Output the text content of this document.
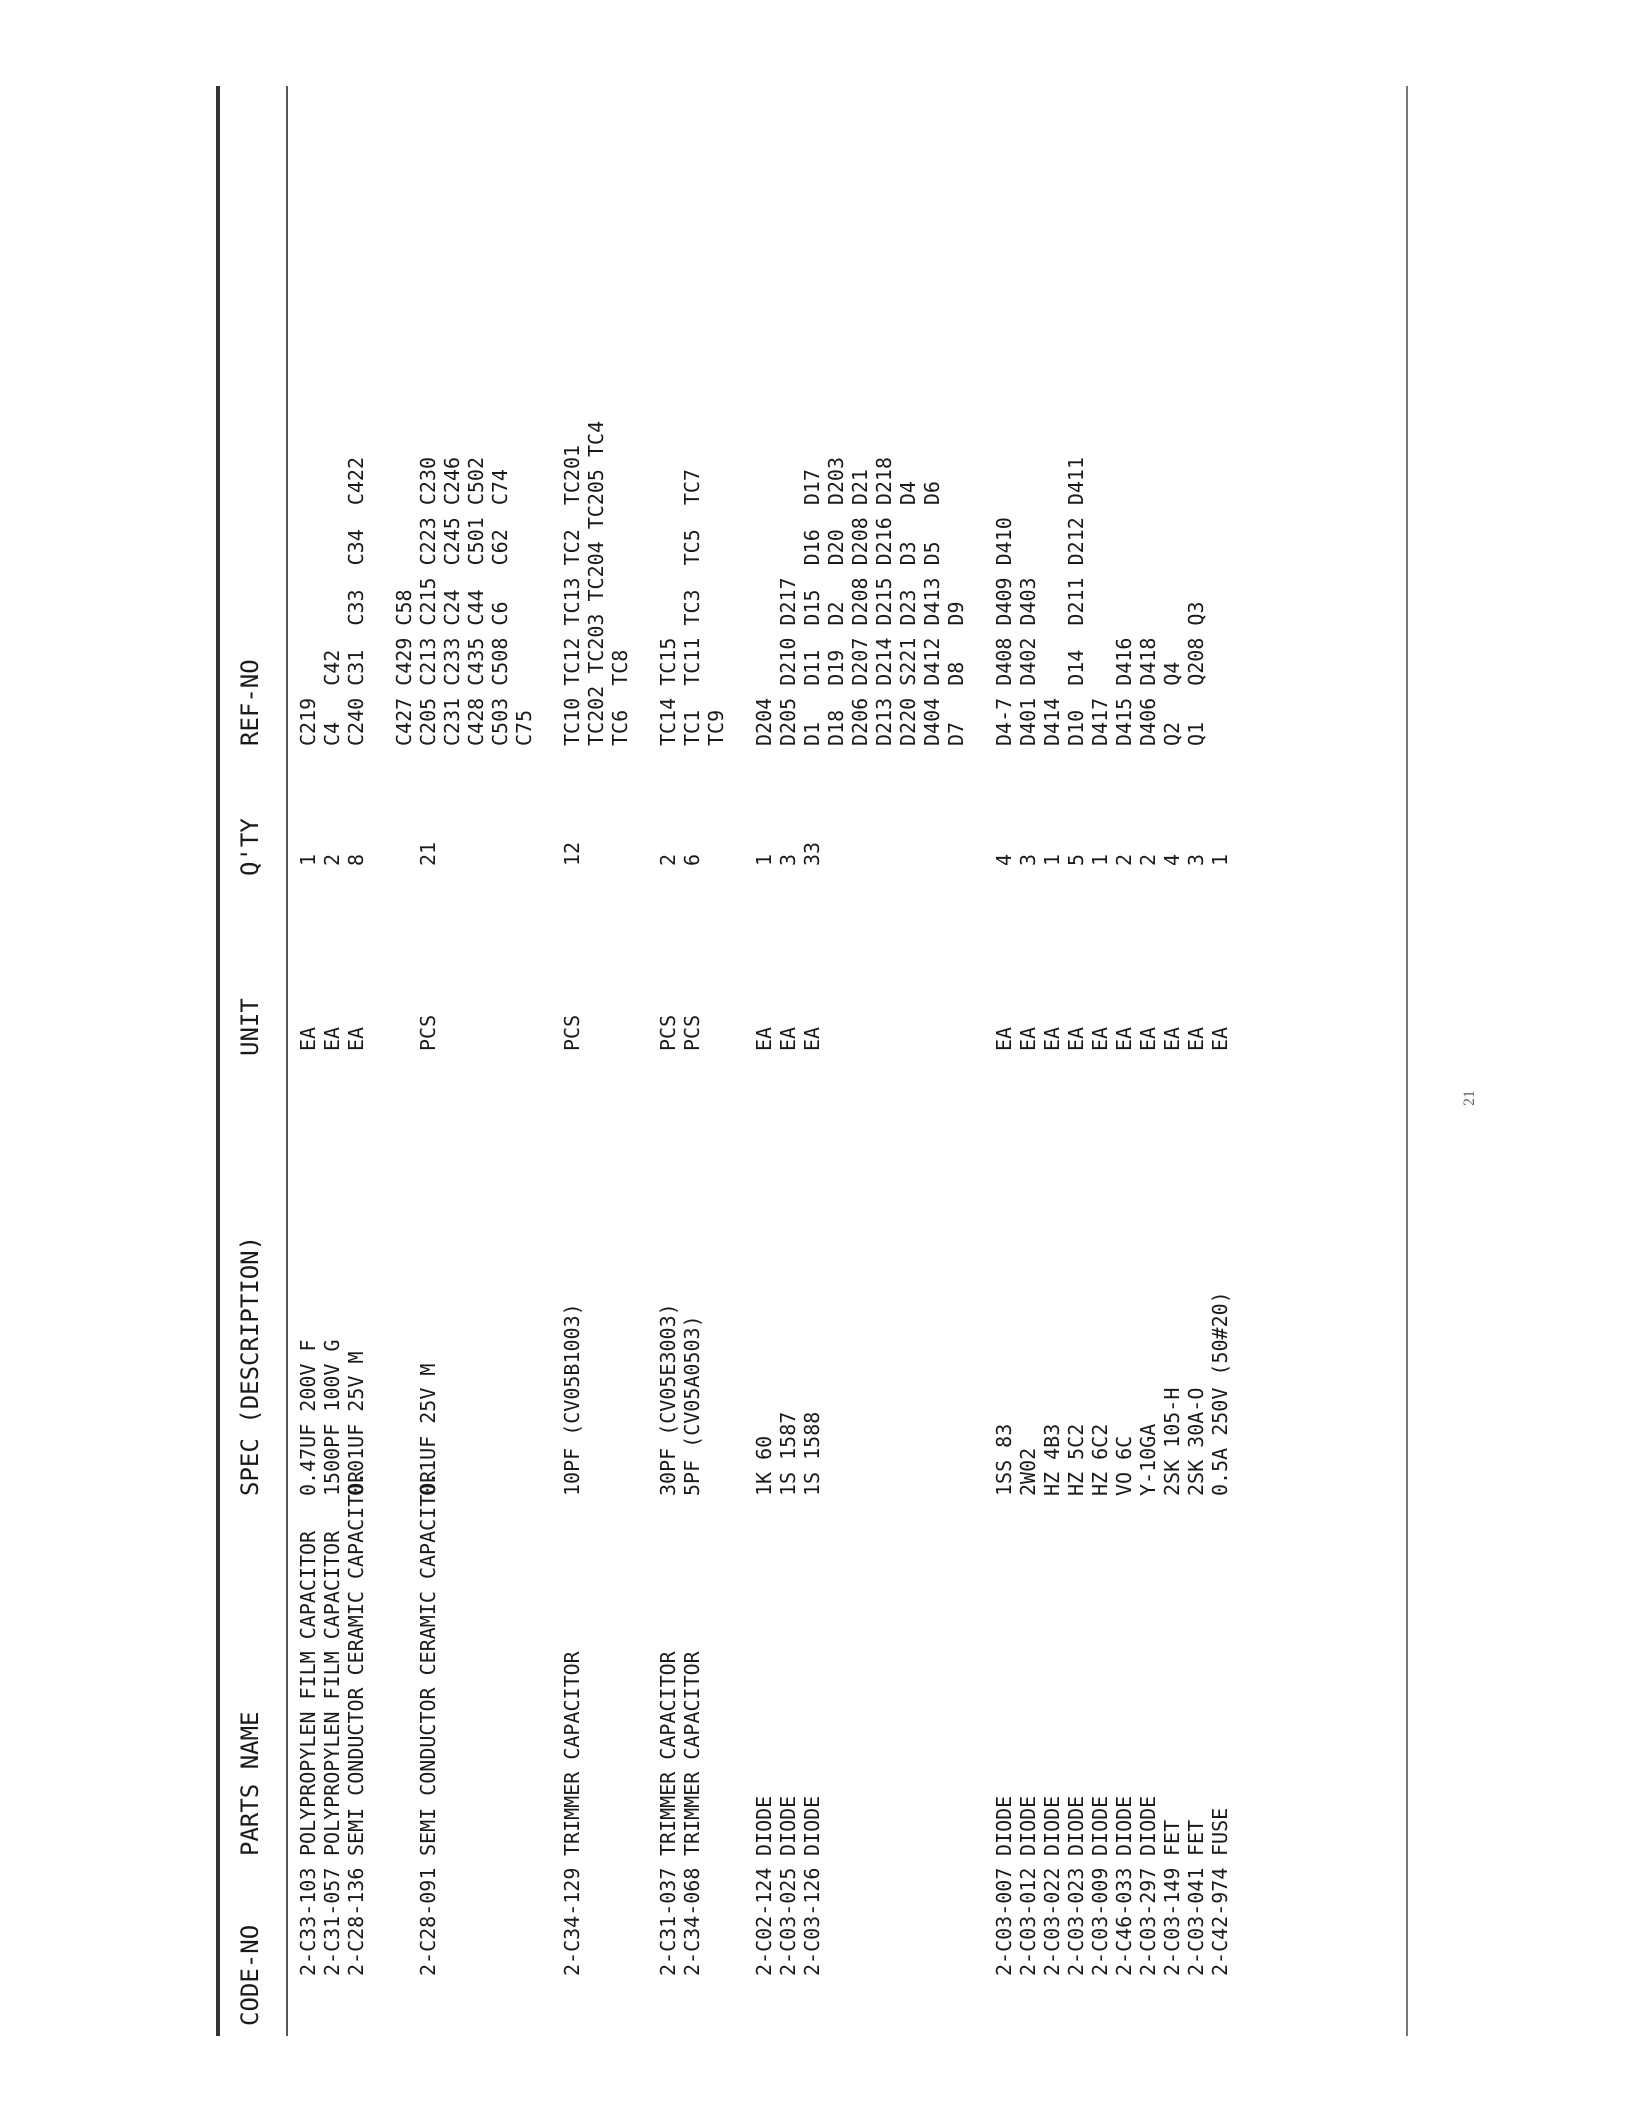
CODE-NO
PARTS NAME
SPEC (DESCRIPTION)
UNIT
Q'TY
REF-NO
2-C33-103
POLYPROPYLEN FILM CAPACITOR
0.47UF 200V F
EA
1
C219
2-C31-057
POLYPROPYLEN FILM CAPACITOR
1500PF 100V G
EA
2
C4   C42
2-C28-136
SEMI CONDUCTOR CERAMIC CAPACITOR
0.01UF 25V M
EA
8
C240 C31  C33  C34  C422 C427 C429 C58
2-C28-091
SEMI CONDUCTOR CERAMIC CAPACITOR
0.1UF 25V M
PCS
21
C205 C213 C215 C223 C230 C231 C233 C24  C245 C246 C428 C435 C44  C501 C502 C503 C508 C6   C62  C74 C75
2-C34-129
TRIMMER CAPACITOR
10PF (CV05B1003)
PCS
12
TC10 TC12 TC13 TC2  TC201 TC202 TC203 TC204 TC205 TC4 TC6  TC8
2-C31-037
TRIMMER CAPACITOR
30PF (CV05E3003)
PCS
2
TC14 TC15
2-C34-068
TRIMMER CAPACITOR
5PF (CV05A0503)
PCS
6
TC1  TC11 TC3  TC5  TC7 TC9
2-C02-124
DIODE
1K 60
EA
1
D204
2-C03-025
DIODE
1S 1587
EA
3
D205 D210 D217
2-C03-126
DIODE
1S 1588
EA
33
D1   D11  D15  D16  D17 D18  D19  D2   D20  D203 D206 D207 D208 D208 D21 D213 D214 D215 D216 D218 D220 S221 D23  D3   D4 D404 D412 D413 D5   D6 D7   D8   D9
2-C03-007
DIODE
1SS 83
EA
4
D4-7 D408 D409 D410
2-C03-012
DIODE
2W02
EA
3
D401 D402 D403
2-C03-022
DIODE
HZ 4B3
EA
1
D414
2-C03-023
DIODE
HZ 5C2
EA
5
D10  D14  D211 D212 D411
2-C03-009
DIODE
HZ 6C2
EA
1
D417
2-C46-033
DIODE
VO 6C
EA
2
D415 D416
2-C03-297
DIODE
Y-10GA
EA
2
D406 D418
2-C03-149
FET
2SK 105-H
EA
4
Q2   Q4
2-C03-041
FET
2SK 30A-O
EA
3
Q1   Q208 Q3
2-C42-974
FUSE
0.5A 250V (50#20)
EA
1
21
